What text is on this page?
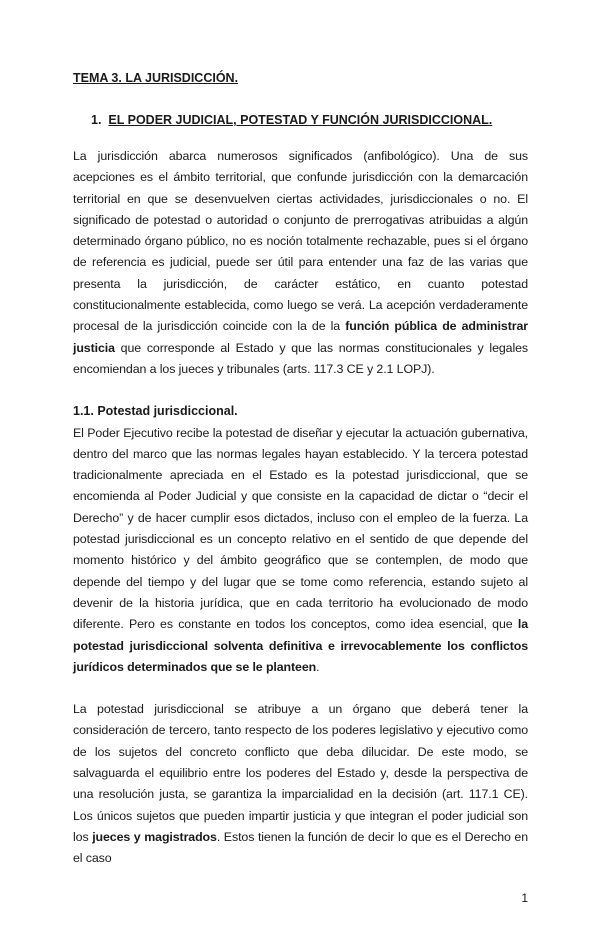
TEMA 3. LA JURISDICCIÓN.

1. EL PODER JUDICIAL, POTESTAD Y FUNCIÓN JURISDICCIONAL.

La jurisdicción abarca numerosos significados (anfibológico). Una de sus acepciones es el ámbito territorial, que confunde jurisdicción con la demarcación territorial en que se desenvuelven ciertas actividades, jurisdiccionales o no. El significado de potestad o autoridad o conjunto de prerrogativas atribuidas a algún determinado órgano público, no es noción totalmente rechazable, pues si el órgano de referencia es judicial, puede ser útil para entender una faz de las varias que presenta la jurisdicción, de carácter estático, en cuanto potestad constitucionalmente establecida, como luego se verá. La acepción verdaderamente procesal de la jurisdicción coincide con la de la función pública de administrar justicia que corresponde al Estado y que las normas constitucionales y legales encomiendan a los jueces y tribunales (arts. 117.3 CE y 2.1 LOPJ).

1.1. Potestad jurisdiccional.

El Poder Ejecutivo recibe la potestad de diseñar y ejecutar la actuación gubernativa, dentro del marco que las normas legales hayan establecido. Y la tercera potestad tradicionalmente apreciada en el Estado es la potestad jurisdiccional, que se encomienda al Poder Judicial y que consiste en la capacidad de dictar o “decir el Derecho” y de hacer cumplir esos dictados, incluso con el empleo de la fuerza. La potestad jurisdiccional es un concepto relativo en el sentido de que depende del momento histórico y del ámbito geográfico que se contemplen, de modo que depende del tiempo y del lugar que se tome como referencia, estando sujeto al devenir de la historia jurídica, que en cada territorio ha evolucionado de modo diferente. Pero es constante en todos los conceptos, como idea esencial, que la potestad jurisdiccional solventa definitiva e irrevocablemente los conflictos jurídicos determinados que se le planteen.

La potestad jurisdiccional se atribuye a un órgano que deberá tener la consideración de tercero, tanto respecto de los poderes legislativo y ejecutivo como de los sujetos del concreto conflicto que deba dilucidar. De este modo, se salvaguarda el equilibrio entre los poderes del Estado y, desde la perspectiva de una resolución justa, se garantiza la imparcialidad en la decisión (art. 117.1 CE). Los únicos sujetos que pueden impartir justicia y que integran el poder judicial son los jueces y magistrados. Estos tienen la función de decir lo que es el Derecho en el caso

1
